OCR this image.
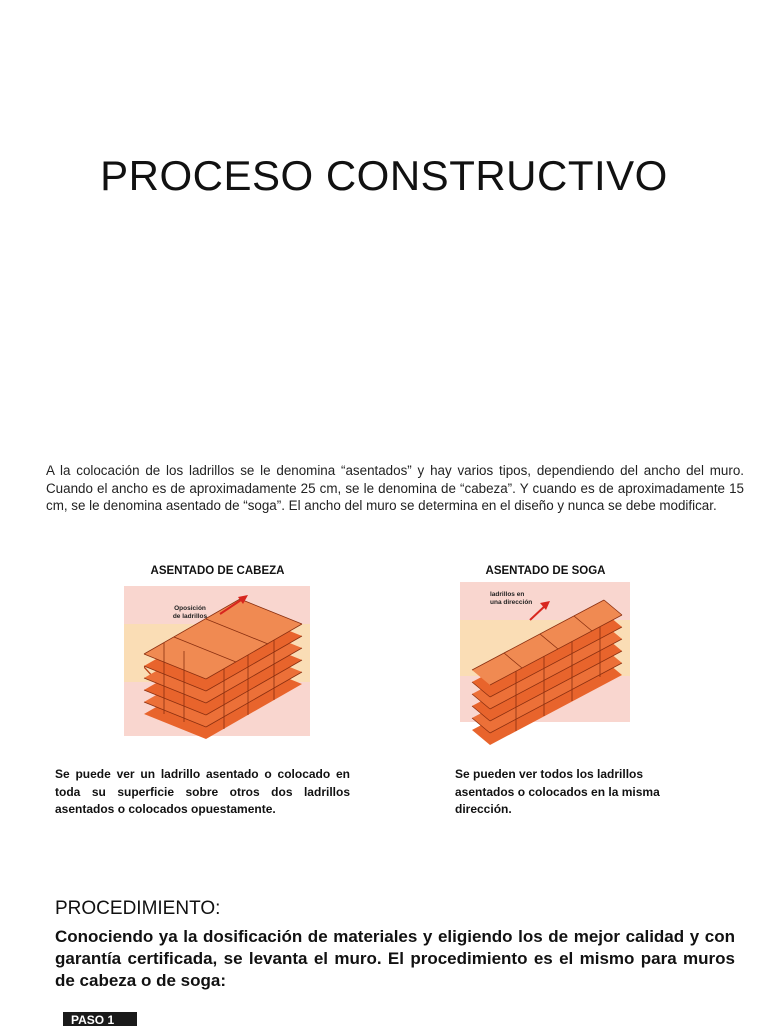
PROCESO CONSTRUCTIVO

A la colocación de los ladrillos se le denomina “asentados” y hay varios tipos, dependiendo del ancho del muro. Cuando el ancho es de aproximadamente 25 cm, se le denomina de “cabeza”. Y cuando es de aproximadamente 15 cm, se le denomina asentado de “soga”. El ancho del muro se determina en el diseño y nunca se debe modificar.

ASENTADO DE CABEZA
Oposición
de ladrillos
Se puede ver un ladrillo asentado o colocado en toda su superficie sobre otros dos ladrillos asentados o colocados opuestamente.
ASENTADO DE SOGA
ladrillos en
una dirección
Se pueden ver todos los ladrillos asentados o colocados en la misma dirección.
PROCEDIMIENTO:

Conociendo ya la dosificación de materiales y eligiendo los de mejor calidad y con garantía certificada, se levanta el muro. El procedimiento es el mismo para muros de cabeza o de soga:

PASO 1
